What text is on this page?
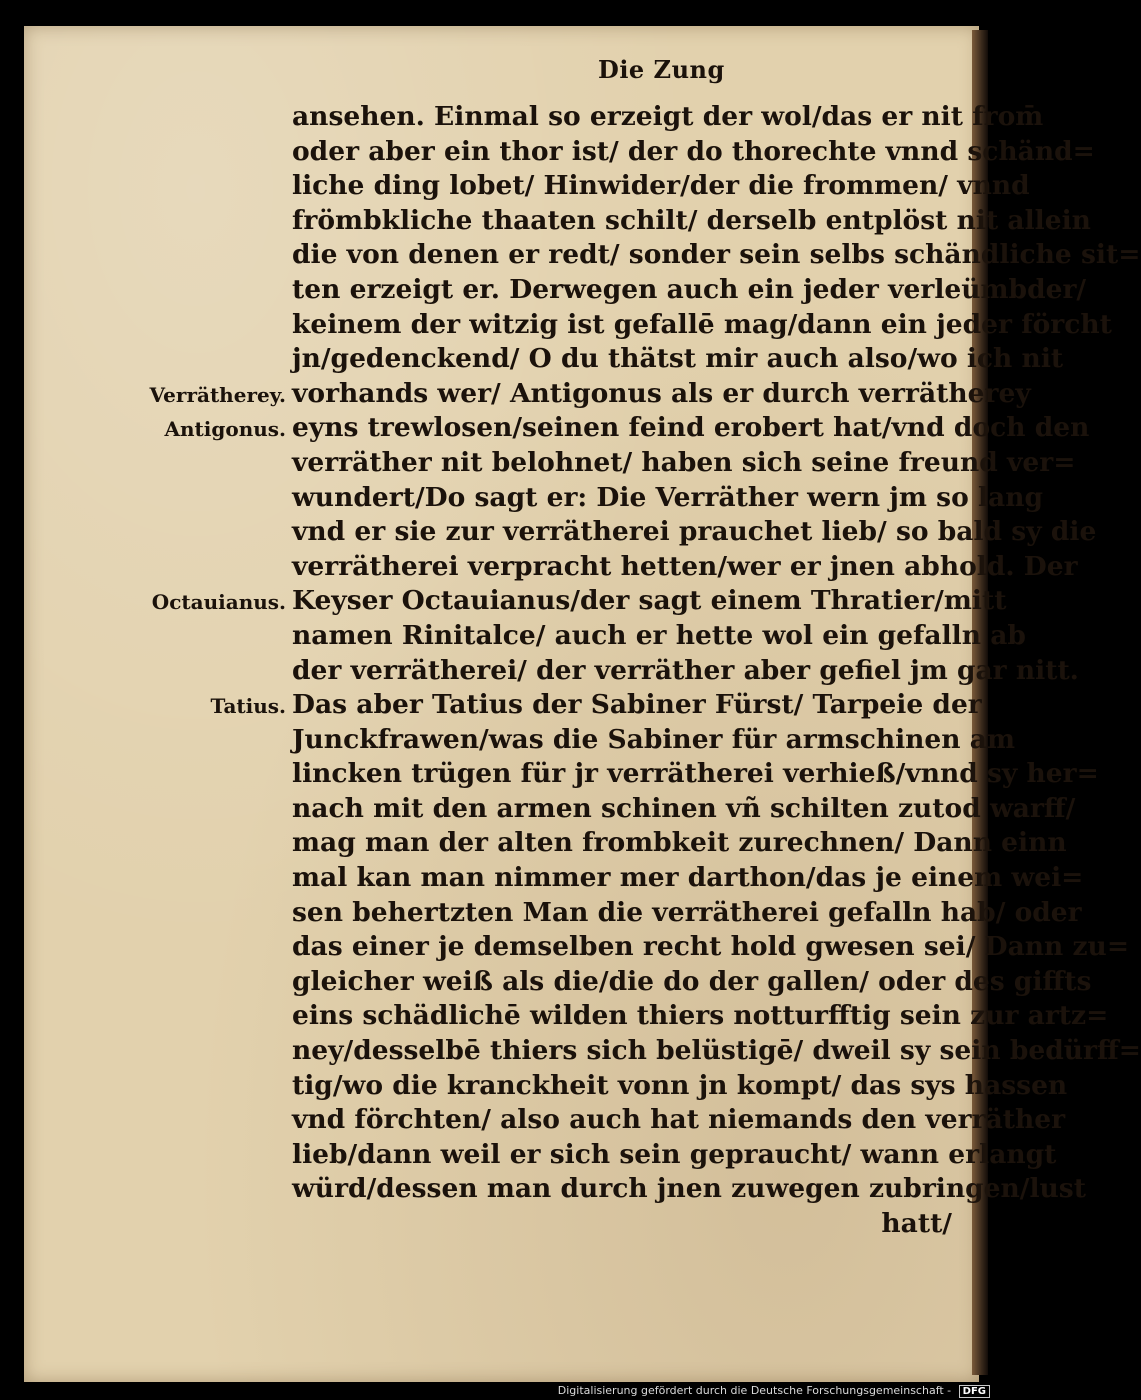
Die Zung
ansehen. Einmal so erzeigt der wol/das er nit from̄
oder aber ein thor ist/ der do thorechte vnnd schänd=
liche ding lobet/ Hinwider/der die frommen/ vnnd
frömbkliche thaaten schilt/ derselb entplöst nit allein
die von denen er redt/ sonder sein selbs schändliche sit=
ten erzeigt er. Derwegen auch ein jeder verleümbder/
keinem der witzig ist gefallē mag/dann ein jeder förcht
jn/gedenckend/ O du thätst mir auch also/wo ich nit
vorhands wer/ Antigonus als er durch verrätherey
eyns trewlosen/seinen feind erobert hat/vnd doch den
verräther nit belohnet/ haben sich seine freund ver=
wundert/Do sagt er: Die Verräther wern jm so lang
vnd er sie zur verrätherei prauchet lieb/ so bald sy die
verrätherei verpracht hetten/wer er jnen abhold. Der
Keyser Octauianus/der sagt einem Thratier/mitt
namen Rinitalce/ auch er hette wol ein gefalln ab
der verrätherei/ der verräther aber gefiel jm gar nitt.
Das aber Tatius der Sabiner Fürst/ Tarpeie der
Junckfrawen/was die Sabiner für armschinen am
lincken trügen für jr verrätherei verhieß/vnnd sy her=
nach mit den armen schinen vñ schilten zutod warff/
mag man der alten frombkeit zurechnen/ Dann einn
mal kan man nimmer mer darthon/das je einem wei=
sen behertzten Man die verrätherei gefalln hab/ oder
das einer je demselben recht hold gwesen sei/ Dann zu=
gleicher weiß als die/die do der gallen/ oder des giffts
eins schädlichē wilden thiers notturfftig sein zur artz=
ney/desselbē thiers sich belüstigē/ dweil sy sein bedürff=
tig/wo die kranckheit vonn jn kompt/ das sys hassen
vnd förchten/ also auch hat niemands den verräther
lieb/dann weil er sich sein gepraucht/ wann erlangt
würd/dessen man durch jnen zuwegen zubringen/lust
hatt/
Verrätherey.
Antigonus.
Octauianus.
Tatius.
Digitalisierung gefördert durch die Deutsche Forschungsgemeinschaft - DFG
